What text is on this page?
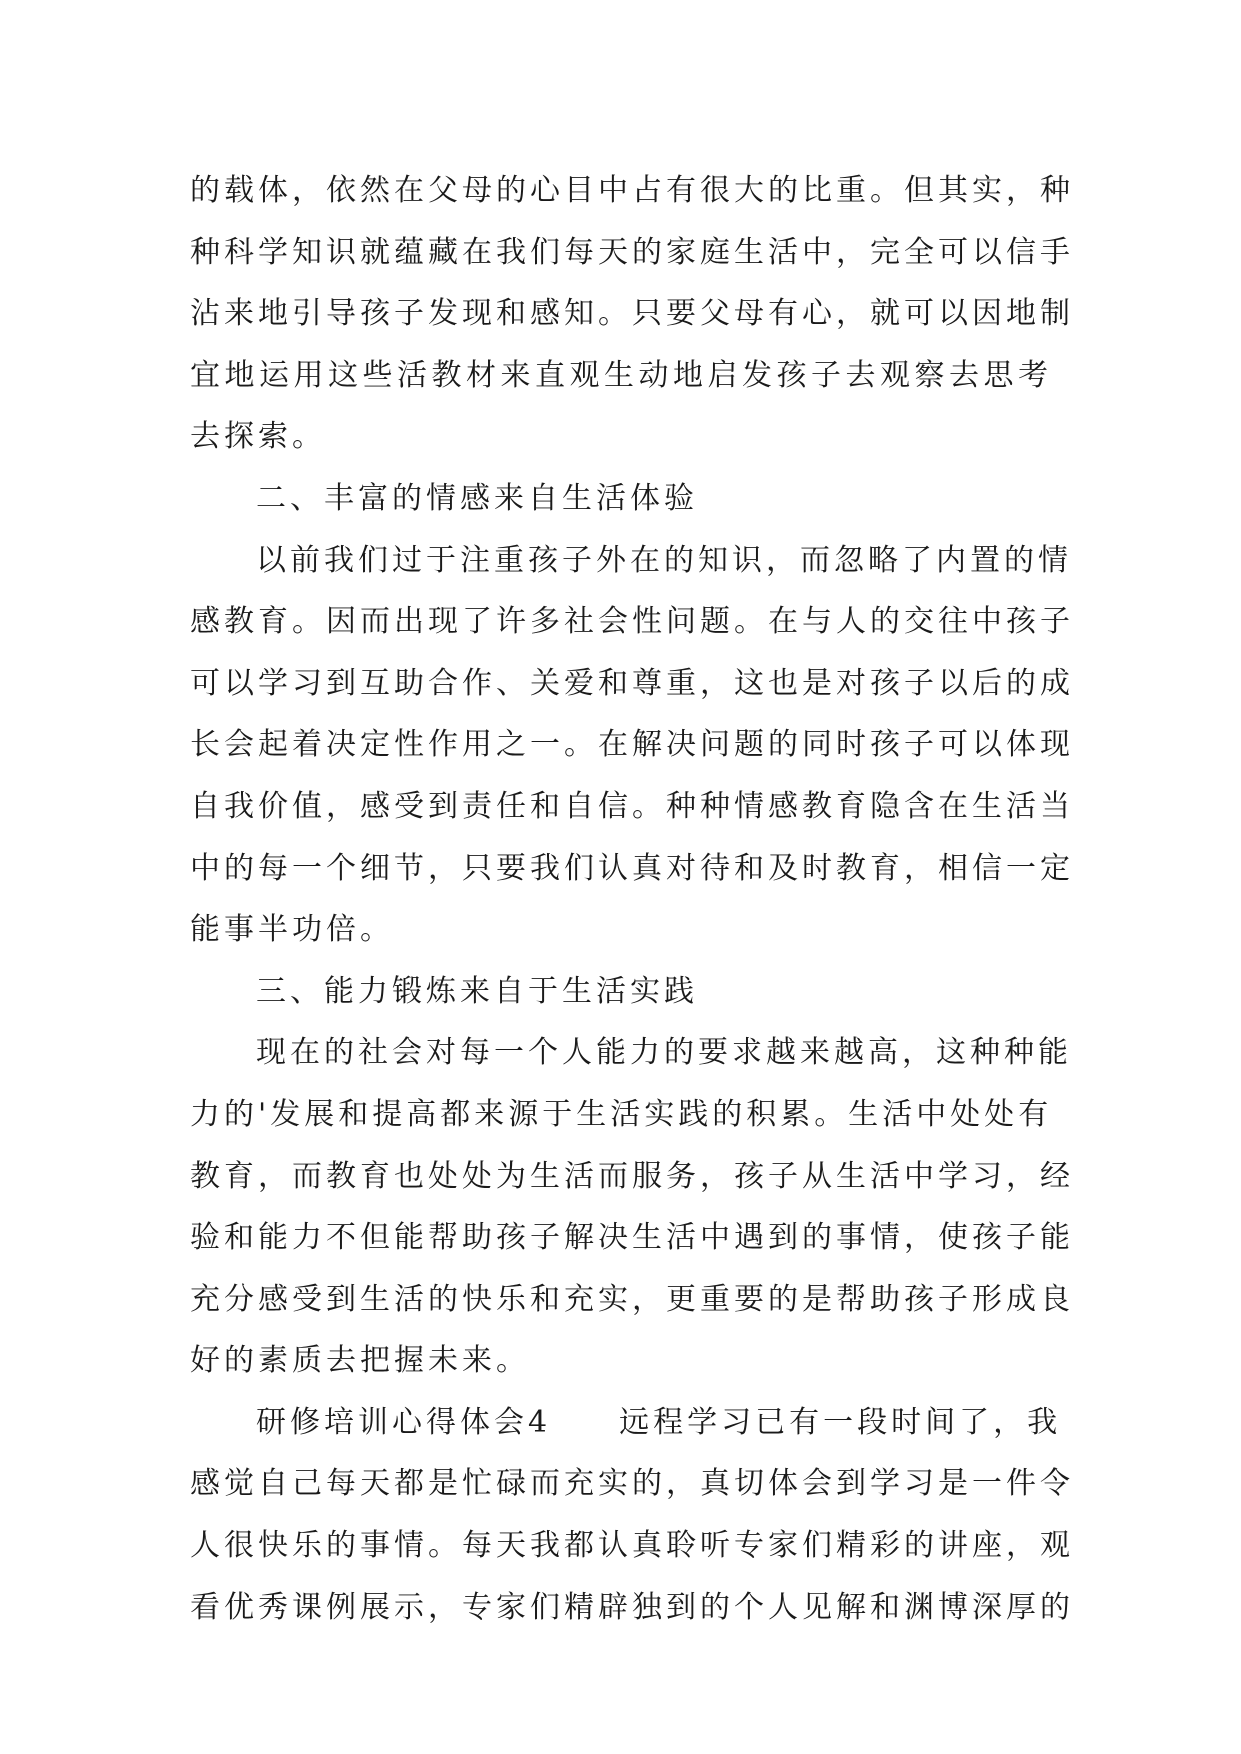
的载体，依然在父母的心目中占有很大的比重。但其实，种
种科学知识就蕴藏在我们每天的家庭生活中，完全可以信手
沾来地引导孩子发现和感知。只要父母有心，就可以因地制
宜地运用这些活教材来直观生动地启发孩子去观察去思考
去探索。
二、丰富的情感来自生活体验
以前我们过于注重孩子外在的知识，而忽略了内置的情
感教育。因而出现了许多社会性问题。在与人的交往中孩子
可以学习到互助合作、关爱和尊重，这也是对孩子以后的成
长会起着决定性作用之一。在解决问题的同时孩子可以体现
自我价值，感受到责任和自信。种种情感教育隐含在生活当
中的每一个细节，只要我们认真对待和及时教育，相信一定
能事半功倍。
三、能力锻炼来自于生活实践
现在的社会对每一个人能力的要求越来越高，这种种能
力的'发展和提高都来源于生活实践的积累。生活中处处有
教育，而教育也处处为生活而服务，孩子从生活中学习，经
验和能力不但能帮助孩子解决生活中遇到的事情，使孩子能
充分感受到生活的快乐和充实，更重要的是帮助孩子形成良
好的素质去把握未来。
研修培训心得体会4　　远程学习已有一段时间了，我
感觉自己每天都是忙碌而充实的，真切体会到学习是一件令
人很快乐的事情。每天我都认真聆听专家们精彩的讲座，观
看优秀课例展示，专家们精辟独到的个人见解和渊博深厚的
